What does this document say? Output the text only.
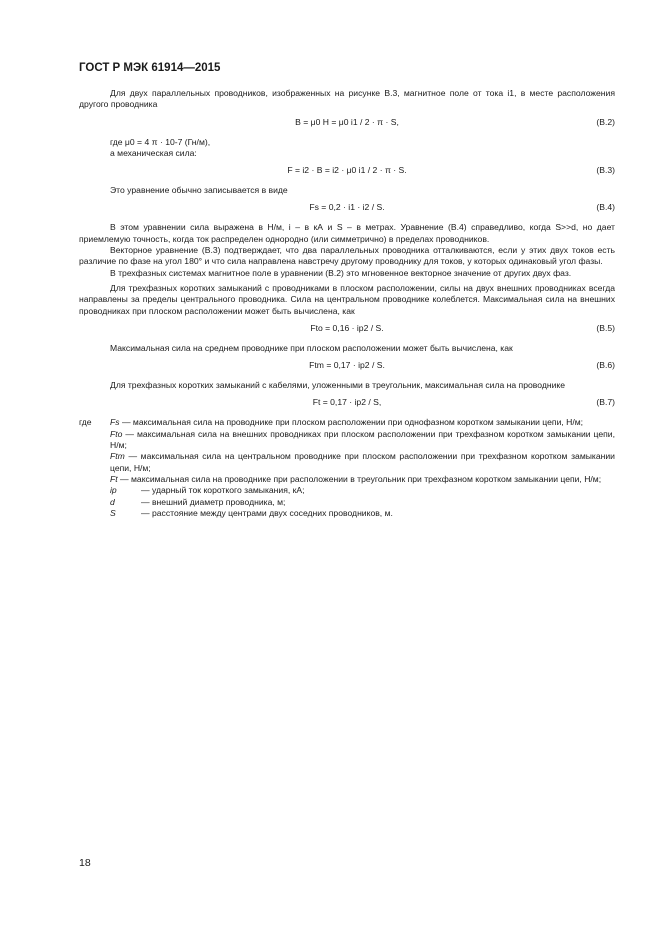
ГОСТ Р МЭК 61914—2015

Для двух параллельных проводников, изображенных на рисунке В.3, магнитное поле от тока i1, в месте расположения другого проводника

B = μ0 H = μ0 i1 / 2 · π · S,	(В.2)

где μ0 = 4 π · 10-7 (Гн/м),

а механическая сила:

F = i2 · B = i2 · μ0 i1 / 2 · π · S.	(В.3)

Это уравнение обычно записывается в виде

Fs = 0,2 · i1 · i2 / S.	(В.4)

В этом уравнении сила выражена в Н/м, i – в кА и S – в метрах. Уравнение (В.4) справедливо, когда S>>d, но дает приемлемую точность, когда ток распределен однородно (или симметрично) в пределах проводников.

Векторное уравнение (В.3) подтверждает, что два параллельных проводника отталкиваются, если у этих двух токов есть различие по фазе на угол 180° и что сила направлена навстречу другому проводнику для токов, у которых одинаковый угол фазы.

В трехфазных системах магнитное поле в уравнении (В.2) это мгновенное векторное значение от других двух фаз.

Для трехфазных коротких замыканий с проводниками в плоском расположении, силы на двух внешних проводниках всегда направлены за пределы центрального проводника. Сила на центральном проводнике колеблется. Максимальная сила на внешних проводниках при плоском расположении может быть вычислена, как

Fto = 0,16 · ip2 / S.	(В.5)

Максимальная сила на среднем проводнике при плоском расположении может быть вычислена, как

Ftm = 0,17 · ip2 / S.	(В.6)

Для трехфазных коротких замыканий с кабелями, уложенными в треугольник, максимальная сила на проводнике

Ft = 0,17 · ip2 / S,	(В.7)
где	Fs — максимальная сила на проводнике при плоском расположении при однофазном коротком замыкании цепи, Н/м;

Fto — максимальная сила на внешних проводниках при плоском расположении при трехфазном коротком замыкании цепи, Н/м;

Ftm — максимальная сила на центральном проводнике при плоском расположении при трехфазном коротком замыкании цепи, Н/м;

Ft — максимальная сила на проводнике при расположении в треугольник при трехфазном коротком замыкании цепи, Н/м;

ip	— ударный ток короткого замыкания, кА;

d	— внешний диаметр проводника, м;

S	— расстояние между центрами двух соседних проводников, м.

18
